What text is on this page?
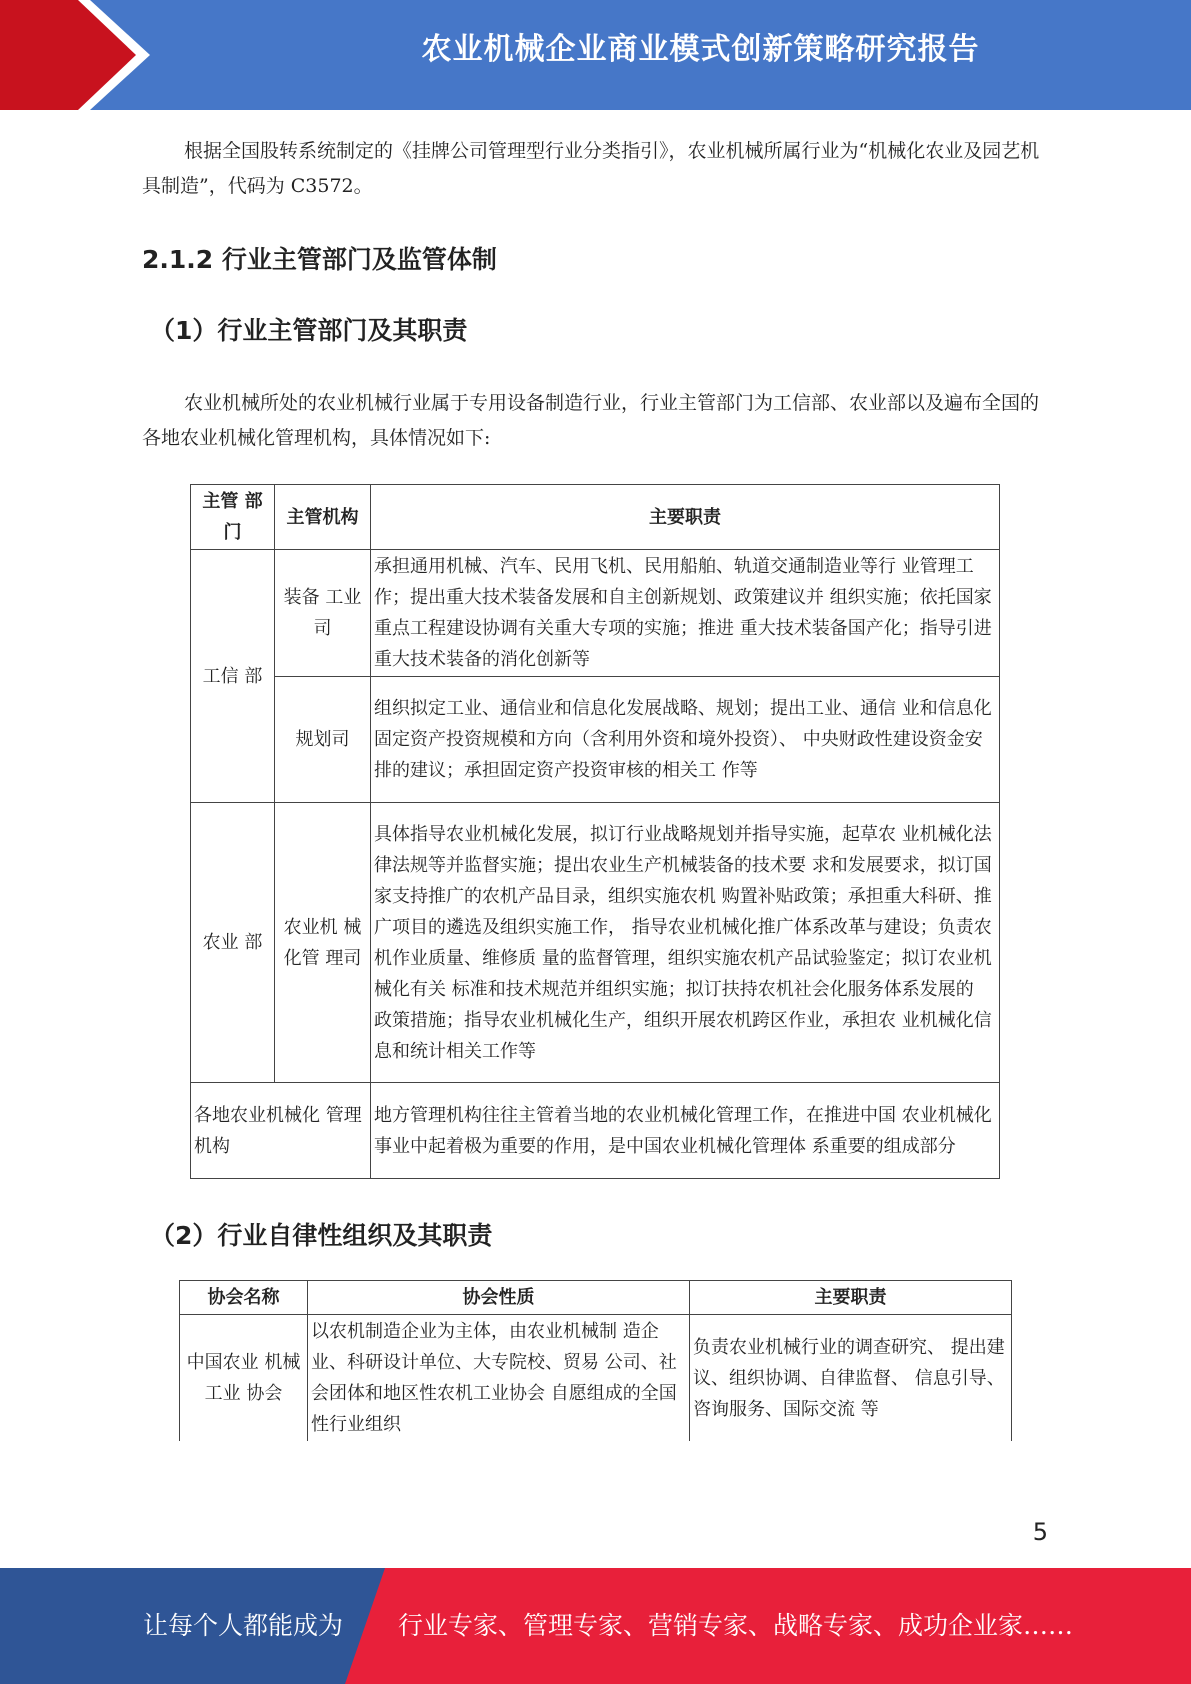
农业机械企业商业模式创新策略研究报告

根据全国股转系统制定的《挂牌公司管理型行业分类指引》，农业机械所属行业为“机械化农业及园艺机具制造”，代码为 C3572。

2.1.2 行业主管部门及监管体制
（1）行业主管部门及其职责

农业机械所处的农业机械行业属于专用设备制造行业，行业主管部门为工信部、农业部以及遍布全国的各地农业机械化管理机构，具体情况如下:

主管 部门	主管机构	主要职责
工信 部	装备 工业司	承担通用机械、汽车、民用飞机、民用船舶、轨道交通制造业等行 业管理工作；提出重大技术装备发展和自主创新规划、政策建议并 组织实施；依托国家重点工程建设协调有关重大专项的实施；推进 重大技术装备国产化；指导引进重大技术装备的消化创新等
	规划司	组织拟定工业、通信业和信息化发展战略、规划；提出工业、通信 业和信息化固定资产投资规模和方向（含利用外资和境外投资）、 中央财政性建设资金安排的建议；承担固定资产投资审核的相关工 作等
农业 部	农业机 械化管 理司	具体指导农业机械化发展，拟订行业战略规划并指导实施，起草农 业机械化法律法规等并监督实施；提出农业生产机械装备的技术要 求和发展要求，拟订国家支持推广的农机产品目录，组织实施农机 购置补贴政策；承担重大科研、推广项目的遴选及组织实施工作， 指导农业机械化推广体系改革与建设；负责农机作业质量、维修质 量的监督管理，组织实施农机产品试验鉴定；拟订农业机械化有关 标准和技术规范并组织实施；拟订扶持农机社会化服务体系发展的 政策措施；指导农业机械化生产，组织开展农机跨区作业，承担农 业机械化信息和统计相关工作等
各地农业机械化 管理机构		地方管理机构往往主管着当地的农业机械化管理工作，在推进中国 农业机械化事业中起着极为重要的作用，是中国农业机械化管理体 系重要的组成部分
（2）行业自律性组织及其职责
协会名称	协会性质	主要职责
中国农业 机械工业 协会	以农机制造企业为主体，由农业机械制 造企业、科研设计单位、大专院校、贸易 公司、社会团体和地区性农机工业协会 自愿组成的全国性行业组织	负责农业机械行业的调查研究、 提出建议、组织协调、自律监督、 信息引导、咨询服务、国际交流 等
5
让每个人都能成为 行业专家、管理专家、营销专家、战略专家、成功企业家……
